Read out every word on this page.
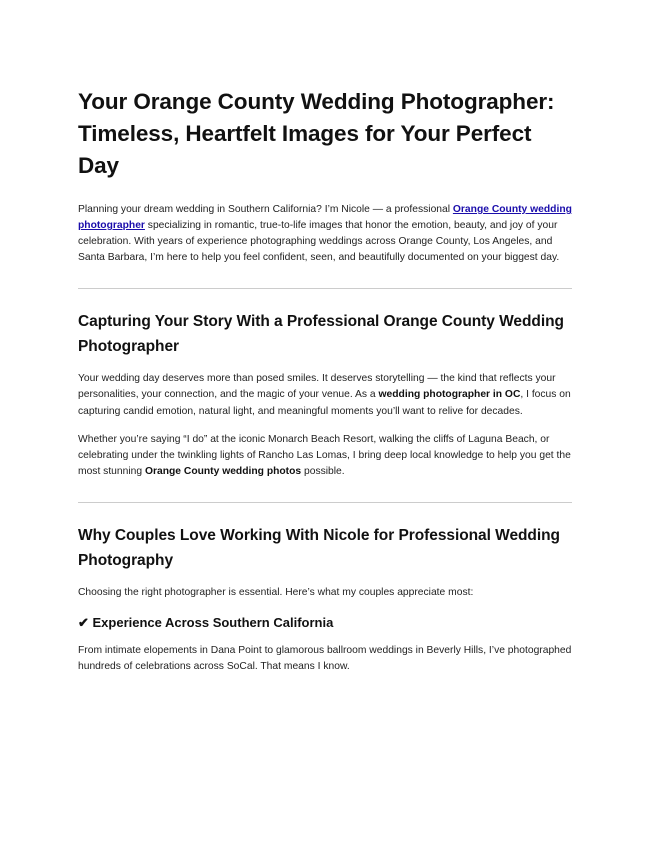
Your Orange County Wedding Photographer: Timeless, Heartfelt Images for Your Perfect Day

Planning your dream wedding in Southern California? I’m Nicole — a professional Orange County wedding photographer specializing in romantic, true-to-life images that honor the emotion, beauty, and joy of your celebration. With years of experience photographing weddings across Orange County, Los Angeles, and Santa Barbara, I’m here to help you feel confident, seen, and beautifully documented on your biggest day.

Capturing Your Story With a Professional Orange County Wedding Photographer

Your wedding day deserves more than posed smiles. It deserves storytelling — the kind that reflects your personalities, your connection, and the magic of your venue. As a wedding photographer in OC, I focus on capturing candid emotion, natural light, and meaningful moments you’ll want to relive for decades.

Whether you’re saying “I do” at the iconic Monarch Beach Resort, walking the cliffs of Laguna Beach, or celebrating under the twinkling lights of Rancho Las Lomas, I bring deep local knowledge to help you get the most stunning Orange County wedding photos possible.

Why Couples Love Working With Nicole for Professional Wedding Photography

Choosing the right photographer is essential. Here’s what my couples appreciate most:

✔ Experience Across Southern California

From intimate elopements in Dana Point to glamorous ballroom weddings in Beverly Hills, I’ve photographed hundreds of celebrations across SoCal. That means I know.
